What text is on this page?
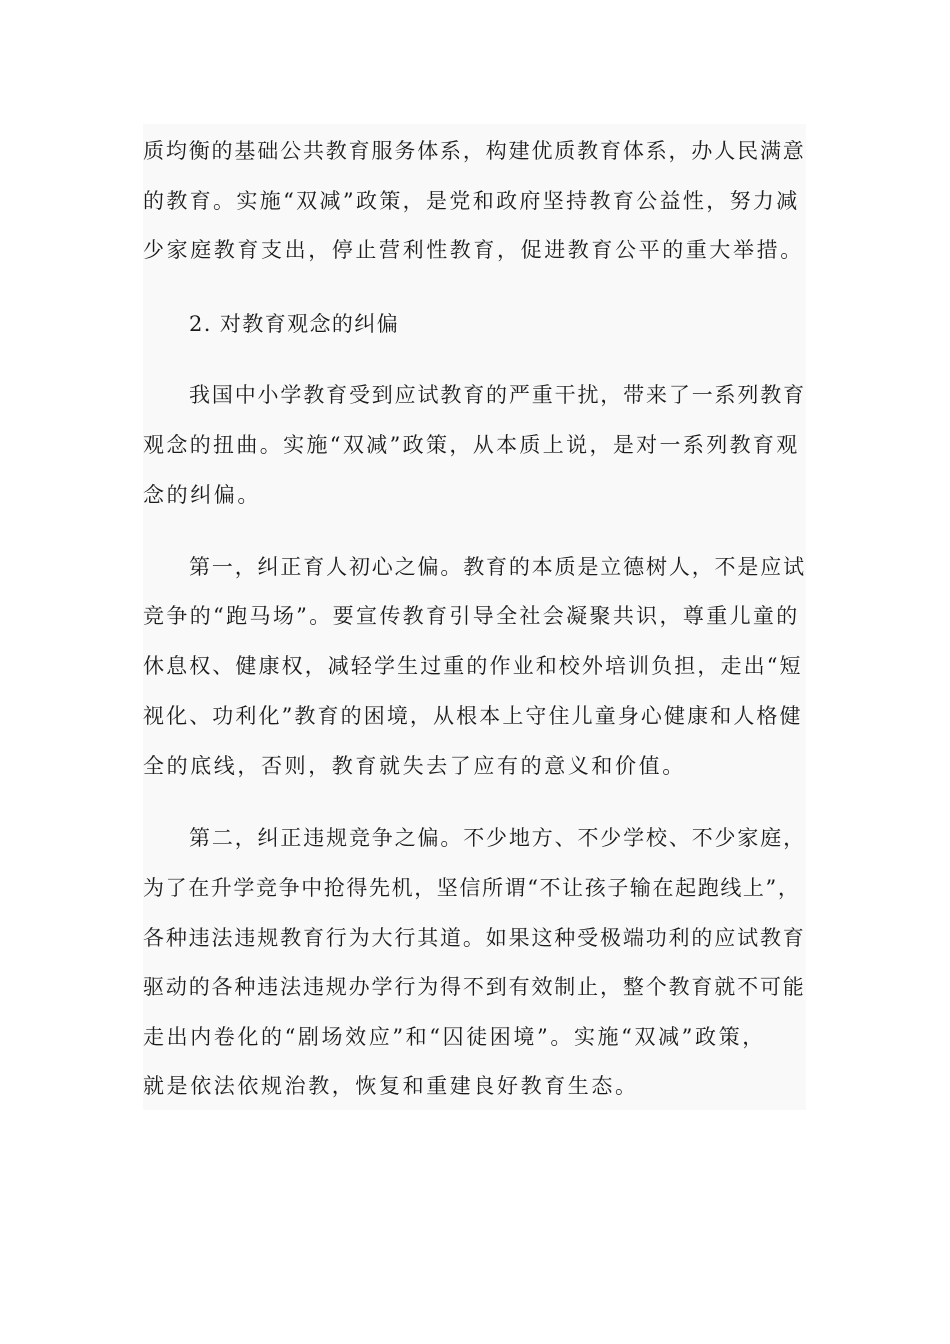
质均衡的基础公共教育服务体系，构建优质教育体系，办人民满意
的教育。实施“双减”政策，是党和政府坚持教育公益性，努力减
少家庭教育支出，停止营利性教育，促进教育公平的重大举措。
2. 对教育观念的纠偏
我国中小学教育受到应试教育的严重干扰，带来了一系列教育
观念的扭曲。实施“双减”政策，从本质上说，是对一系列教育观
念的纠偏。
第一，纠正育人初心之偏。教育的本质是立德树人，不是应试
竞争的“跑马场”。要宣传教育引导全社会凝聚共识，尊重儿童的
休息权、健康权，减轻学生过重的作业和校外培训负担，走出“短
视化、功利化”教育的困境，从根本上守住儿童身心健康和人格健
全的底线，否则，教育就失去了应有的意义和价值。
第二，纠正违规竞争之偏。不少地方、不少学校、不少家庭，
为了在升学竞争中抢得先机，坚信所谓“不让孩子输在起跑线上”，
各种违法违规教育行为大行其道。如果这种受极端功利的应试教育
驱动的各种违法违规办学行为得不到有效制止，整个教育就不可能
走出内卷化的“剧场效应”和“囚徒困境”。实施“双减”政策，
就是依法依规治教，恢复和重建良好教育生态。
